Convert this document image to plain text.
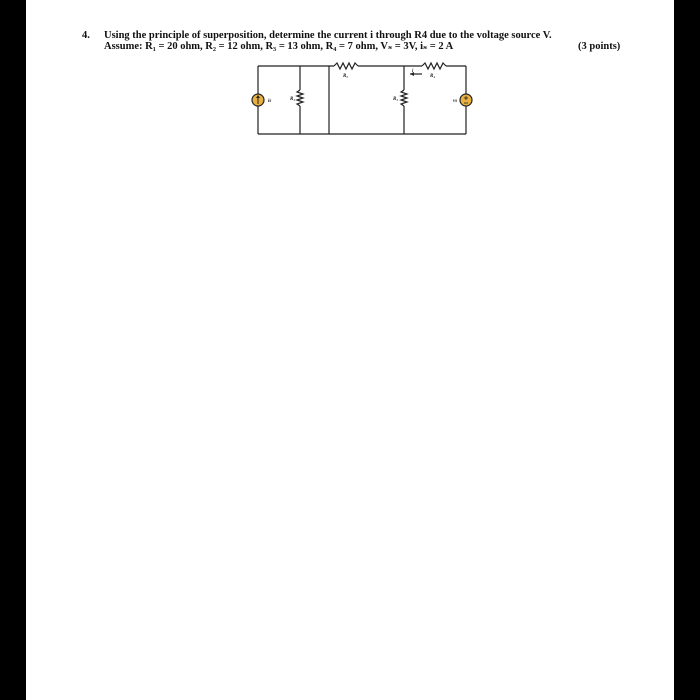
4. Using the principle of superposition, determine the current i through R4 due to the voltage source V.
Assume: R₁ = 20 ohm, R₂ = 12 ohm, R₃ = 13 ohm, R₄ = 7 ohm, Vₛ = 3V, iₛ = 2 A	(3 points)
is	R₁
R₂
R₃
R₄
i
vs
